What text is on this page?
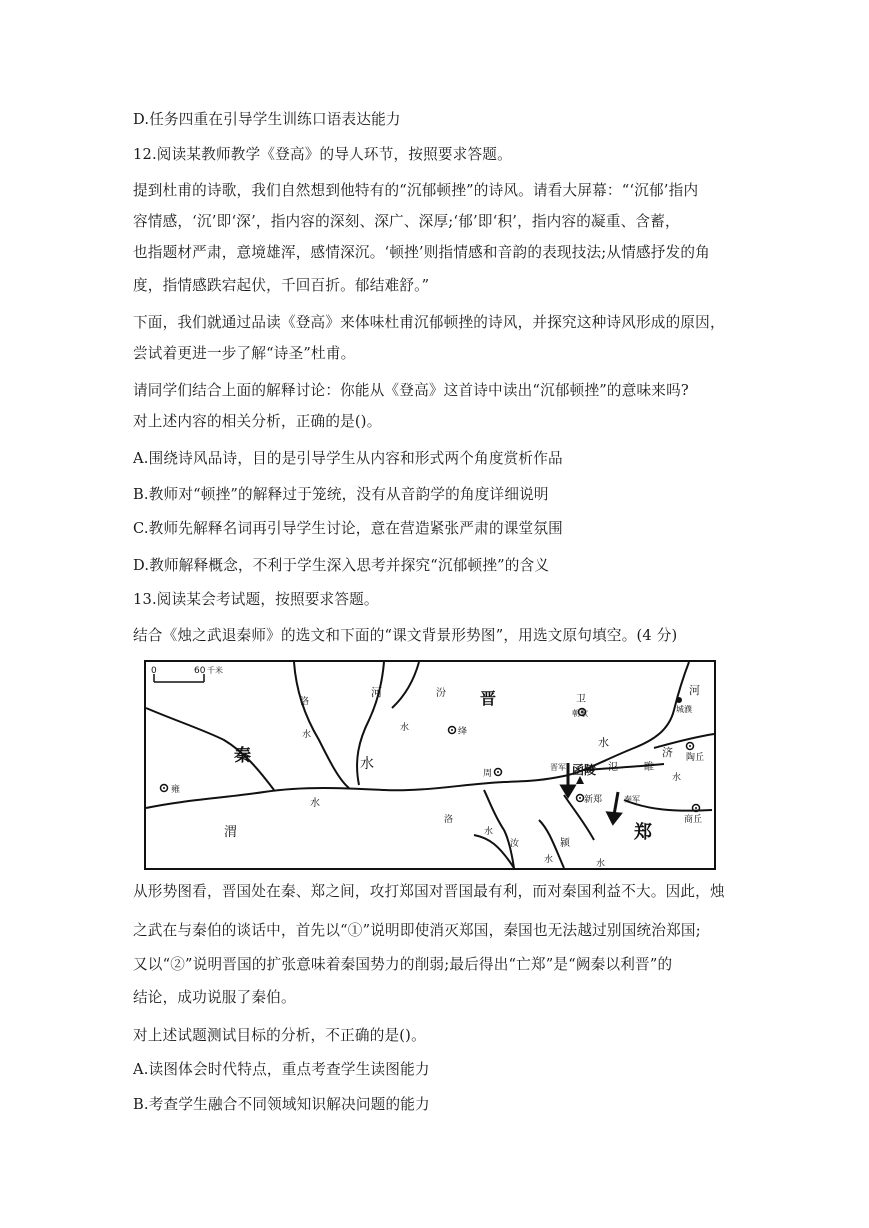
D.任务四重在引导学生训练口语表达能力
12.阅读某教师教学《登高》的导人环节，按照要求答题。
提到杜甫的诗歌，我们自然想到他特有的“沉郁顿挫”的诗风。请看大屏幕：“‘沉郁’指内
容情感，‘沉’即‘深’，指内容的深刻、深广、深厚;‘郁’即‘积’，指内容的凝重、含蓄，
也指题材严肃，意境雄浑，感情深沉。‘顿挫’则指情感和音韵的表现技法;从情感抒发的角
度，指情感跌宕起伏，千回百折。郁结难舒。”
下面，我们就通过品读《登高》来体味杜甫沉郁顿挫的诗风，并探究这种诗风形成的原因，
尝试着更进一步了解“诗圣”杜甫。
请同学们结合上面的解释讨论：你能从《登高》这首诗中读出“沉郁顿挫”的意味来吗?
对上述内容的相关分析，正确的是()。
A.围绕诗风品诗，目的是引导学生从内容和形式两个角度赏析作品
B.教师对“顿挫”的解释过于笼统，没有从音韵学的角度详细说明
C.教师先解释名词再引导学生讨论，意在营造紧张严肃的课堂氛围
D.教师解释概念，不利于学生深入思考并探究“沉郁顿挫”的含义
13.阅读某会考试题，按照要求答题。
结合《烛之武退秦师》的选文和下面的“课文背景形势图”，用选文原句填空。(4 分)
0	60 千米
秦
晋
郑
河	河
汾
绛
洛
水
水
水
水
水
水	水
水
水
渭
雍
周
洛
济
颍
汝
函陵 氾	睢
新郑
晋军
秦军
卫
朝歌	城濮
陶丘
商丘
从形势图看，晋国处在秦、郑之间，攻打郑国对晋国最有利，而对秦国利益不大。因此，烛
之武在与秦伯的谈话中，首先以“①”说明即使消灭郑国，秦国也无法越过别国统治郑国;
又以“②”说明晋国的扩张意味着秦国势力的削弱;最后得出“亡郑”是“阙秦以利晋”的
结论，成功说服了秦伯。
对上述试题测试目标的分析，不正确的是()。
A.读图体会时代特点，重点考查学生读图能力
B.考查学生融合不同领域知识解决问题的能力
